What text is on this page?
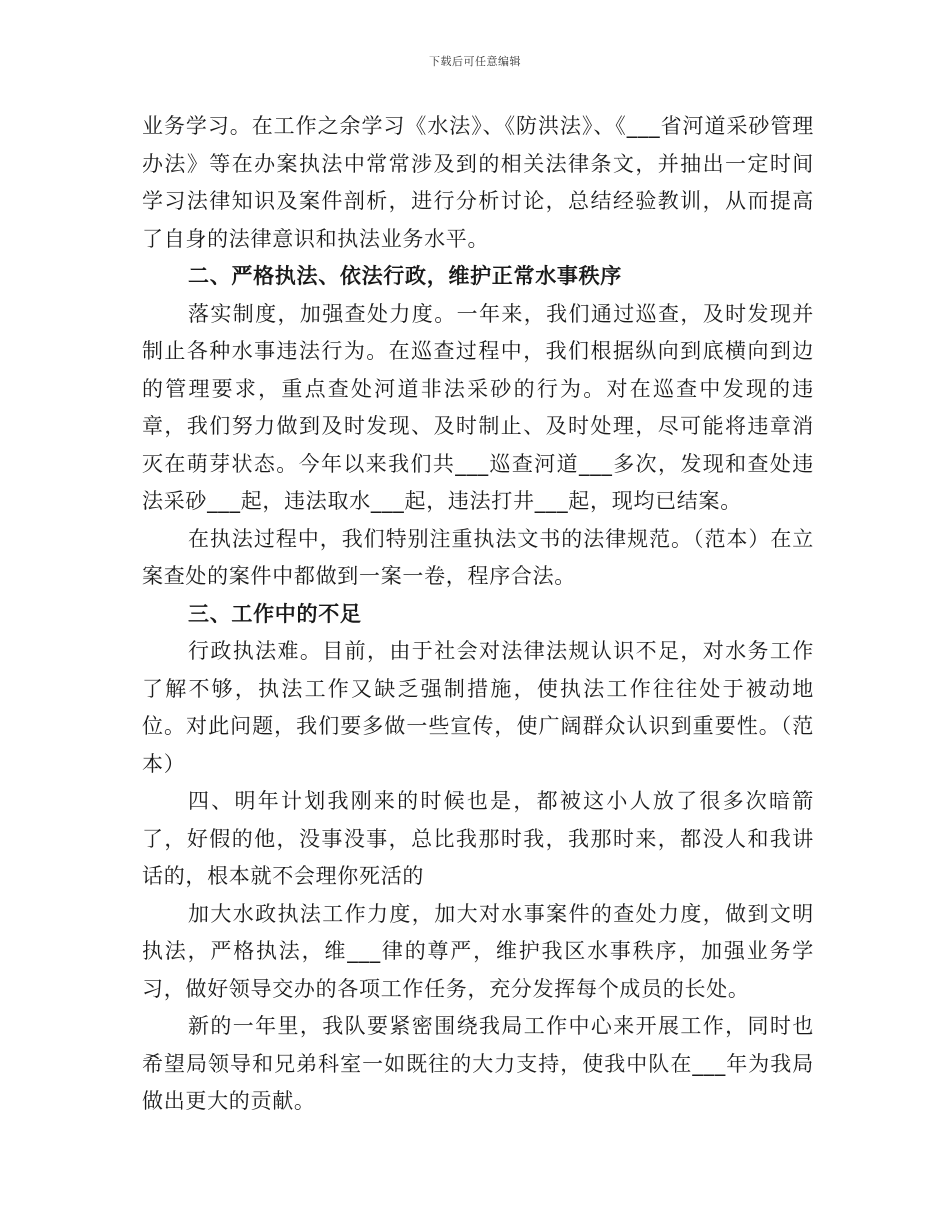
下载后可任意编辑

业务学习。在工作之余学习《水法》、《防洪法》、《___省河道采砂管理办法》等在办案执法中常常涉及到的相关法律条文，并抽出一定时间学习法律知识及案件剖析，进行分析讨论，总结经验教训，从而提高了自身的法律意识和执法业务水平。

二、严格执法、依法行政，维护正常水事秩序

落实制度，加强查处力度。一年来，我们通过巡查，及时发现并制止各种水事违法行为。在巡查过程中，我们根据纵向到底横向到边的管理要求，重点查处河道非法采砂的行为。对在巡查中发现的违章，我们努力做到及时发现、及时制止、及时处理，尽可能将违章消灭在萌芽状态。今年以来我们共___巡查河道___多次，发现和查处违法采砂___起，违法取水___起，违法打井___起，现均已结案。

在执法过程中，我们特别注重执法文书的法律规范。（范本）在立案查处的案件中都做到一案一卷，程序合法。

三、工作中的不足

行政执法难。目前，由于社会对法律法规认识不足，对水务工作了解不够，执法工作又缺乏强制措施，使执法工作往往处于被动地位。对此问题，我们要多做一些宣传，使广阔群众认识到重要性。（范本）

四、明年计划我刚来的时候也是，都被这小人放了很多次暗箭了，好假的他，没事没事，总比我那时我，我那时来，都没人和我讲话的，根本就不会理你死活的

加大水政执法工作力度，加大对水事案件的查处力度，做到文明执法，严格执法，维___律的尊严，维护我区水事秩序，加强业务学习，做好领导交办的各项工作任务，充分发挥每个成员的长处。

新的一年里，我队要紧密围绕我局工作中心来开展工作，同时也希望局领导和兄弟科室一如既往的大力支持，使我中队在___年为我局做出更大的贡献。
